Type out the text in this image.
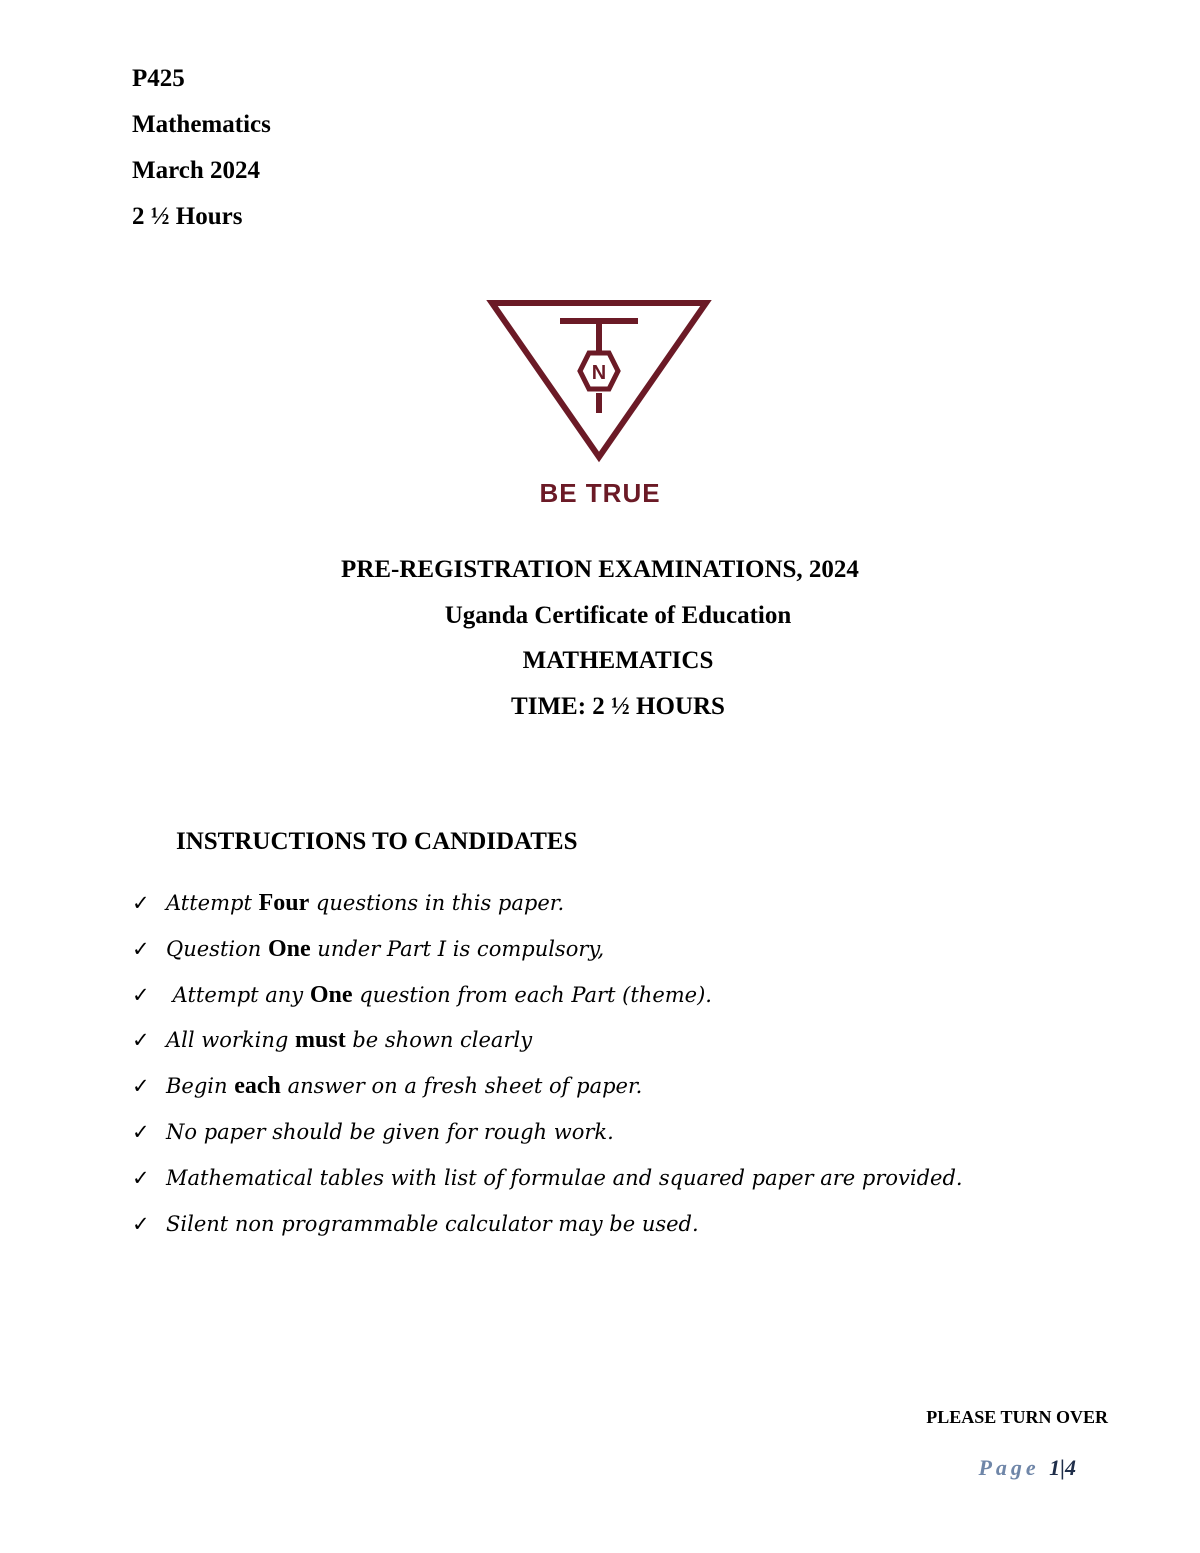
P425
Mathematics
March 2024
2 ½ Hours
N
BE TRUE
PRE-REGISTRATION EXAMINATIONS, 2024
Uganda Certificate of Education
MATHEMATICS
TIME: 2 ½ HOURS
INSTRUCTIONS TO CANDIDATES
✓ Attempt Four questions in this paper.
✓ Question One under Part I is compulsory,
✓ Attempt any One question from each Part (theme).
✓ All working must be shown clearly
✓ Begin each answer on a fresh sheet of paper.
✓ No paper should be given for rough work.
✓ Mathematical tables with list of formulae and squared paper are provided.
✓ Silent non programmable calculator may be used.
PLEASE TURN OVER
Page 1|4
